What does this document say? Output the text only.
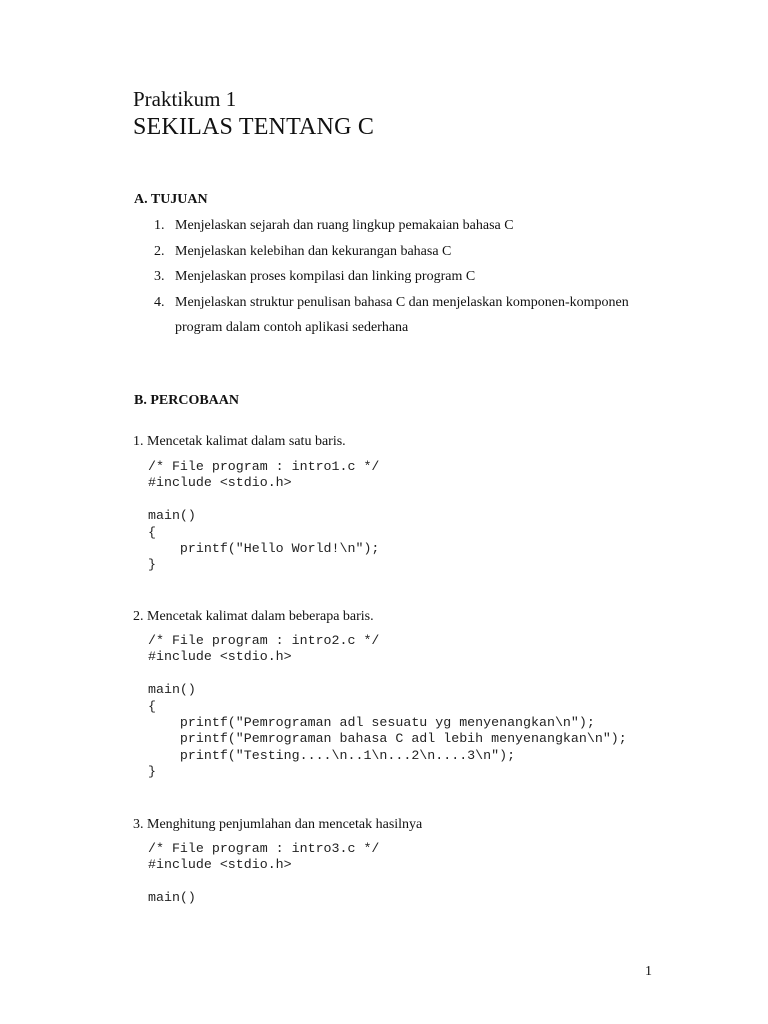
Praktikum 1
SEKILAS TENTANG C
A. TUJUAN
1. Menjelaskan sejarah dan ruang lingkup pemakaian bahasa C
2. Menjelaskan kelebihan dan kekurangan bahasa C
3. Menjelaskan proses kompilasi dan linking program C
4. Menjelaskan struktur penulisan bahasa C dan menjelaskan komponen-komponen
program dalam contoh aplikasi sederhana
B. PERCOBAAN

1. Mencetak kalimat dalam satu baris.

/* File program : intro1.c */
#include <stdio.h>
main()
{
printf("Hello World!\n");
}

2. Mencetak kalimat dalam beberapa baris.

/* File program : intro2.c */
#include <stdio.h>
main()
{
printf("Pemrograman adl sesuatu yg menyenangkan\n");
printf("Pemrograman bahasa C adl lebih menyenangkan\n");
printf("Testing....\n..1\n...2\n....3\n");
}

3. Menghitung penjumlahan dan mencetak hasilnya

/* File program : intro3.c */
#include <stdio.h>
main()
1
